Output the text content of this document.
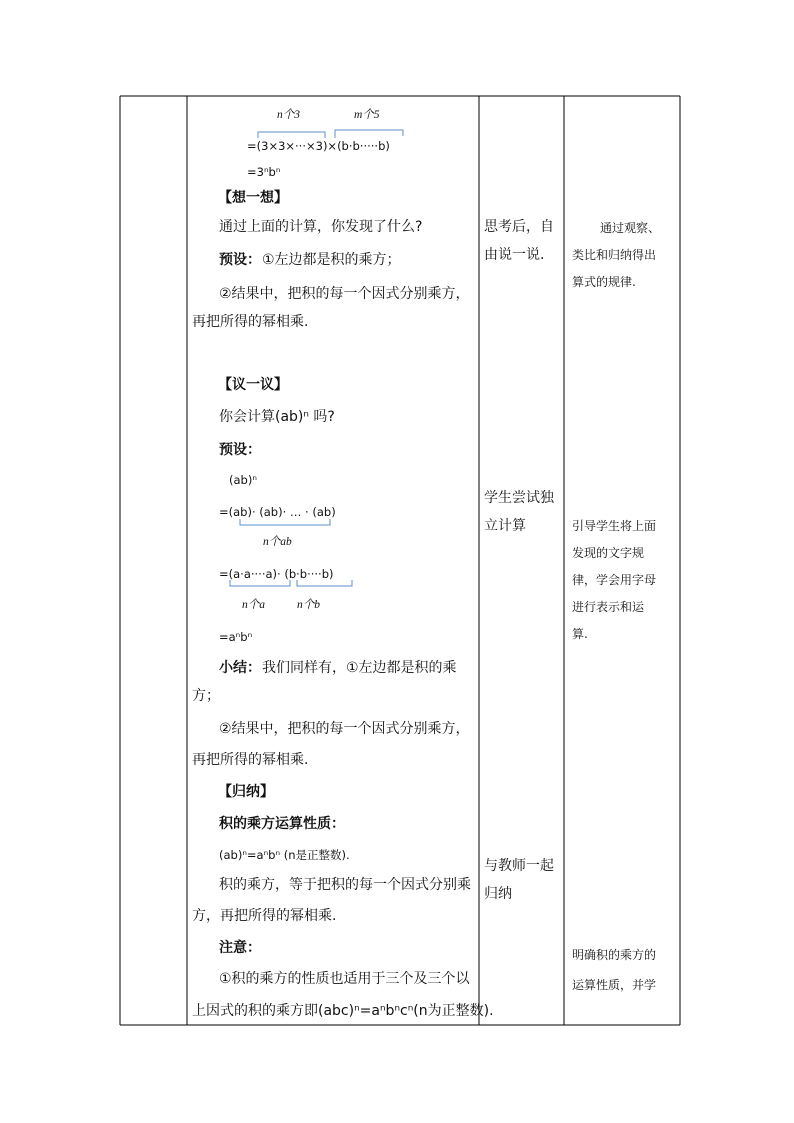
n个3	m个5
=(3×3×···×3)×(b·b·····b)
=3ⁿbⁿ
【想一想】
通过上面的计算，你发现了什么?
预设： ①左边都是积的乘方；
②结果中，把积的每一个因式分别乘方，
再把所得的幂相乘.
【议一议】
你会计算(ab)ⁿ 吗?
预设：
(ab)ⁿ
=(ab)· (ab)· … · (ab)
n个ab
=(a·a····a)· (b·b····b)
n个a	n个b
=aⁿbⁿ
小结： 我们同样有，①左边都是积的乘
方；
②结果中，把积的每一个因式分别乘方，
再把所得的幂相乘.
【归纳】
积的乘方运算性质：
(ab)ⁿ=aⁿbⁿ (n是正整数).
积的乘方，等于把积的每一个因式分别乘
方，再把所得的幂相乘.
注意：
①积的乘方的性质也适用于三个及三个以
上因式的积的乘方即(abc)ⁿ=aⁿbⁿcⁿ(n为正整数).
思考后，自
由说一说.
学生尝试独
立计算
与教师一起
归纳
通过观察、
类比和归纳得出
算式的规律.
引导学生将上面
发现的文字规
律，学会用字母
进行表示和运
算.
明确积的乘方的
运算性质，并学
